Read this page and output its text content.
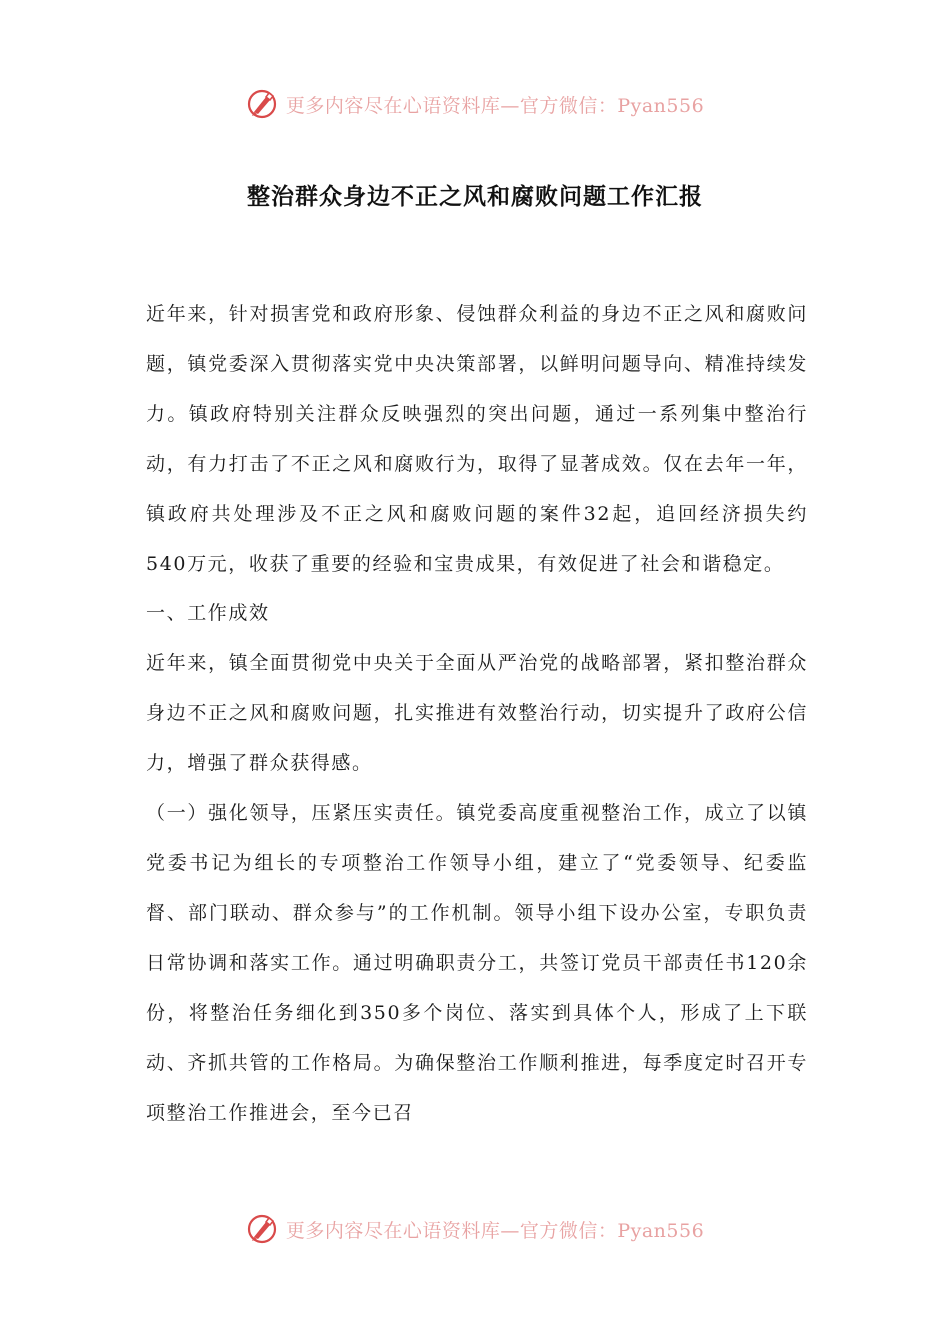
更多内容尽在心语资料库—官方微信：Pyan556
整治群众身边不正之风和腐败问题工作汇报

近年来，针对损害党和政府形象、侵蚀群众利益的身边不正之风和腐败问题，镇党委深入贯彻落实党中央决策部署，以鲜明问题导向、精准持续发力。镇政府特别关注群众反映强烈的突出问题，通过一系列集中整治行动，有力打击了不正之风和腐败行为，取得了显著成效。仅在去年一年，镇政府共处理涉及不正之风和腐败问题的案件32起，追回经济损失约540万元，收获了重要的经验和宝贵成果，有效促进了社会和谐稳定。

一、工作成效

近年来，镇全面贯彻党中央关于全面从严治党的战略部署，紧扣整治群众身边不正之风和腐败问题，扎实推进有效整治行动，切实提升了政府公信力，增强了群众获得感。

（一）强化领导，压紧压实责任。镇党委高度重视整治工作，成立了以镇党委书记为组长的专项整治工作领导小组，建立了“党委领导、纪委监督、部门联动、群众参与”的工作机制。领导小组下设办公室，专职负责日常协调和落实工作。通过明确职责分工，共签订党员干部责任书120余份，将整治任务细化到350多个岗位、落实到具体个人，形成了上下联动、齐抓共管的工作格局。为确保整治工作顺利推进，每季度定时召开专项整治工作推进会，至今已召

更多内容尽在心语资料库—官方微信：Pyan556
